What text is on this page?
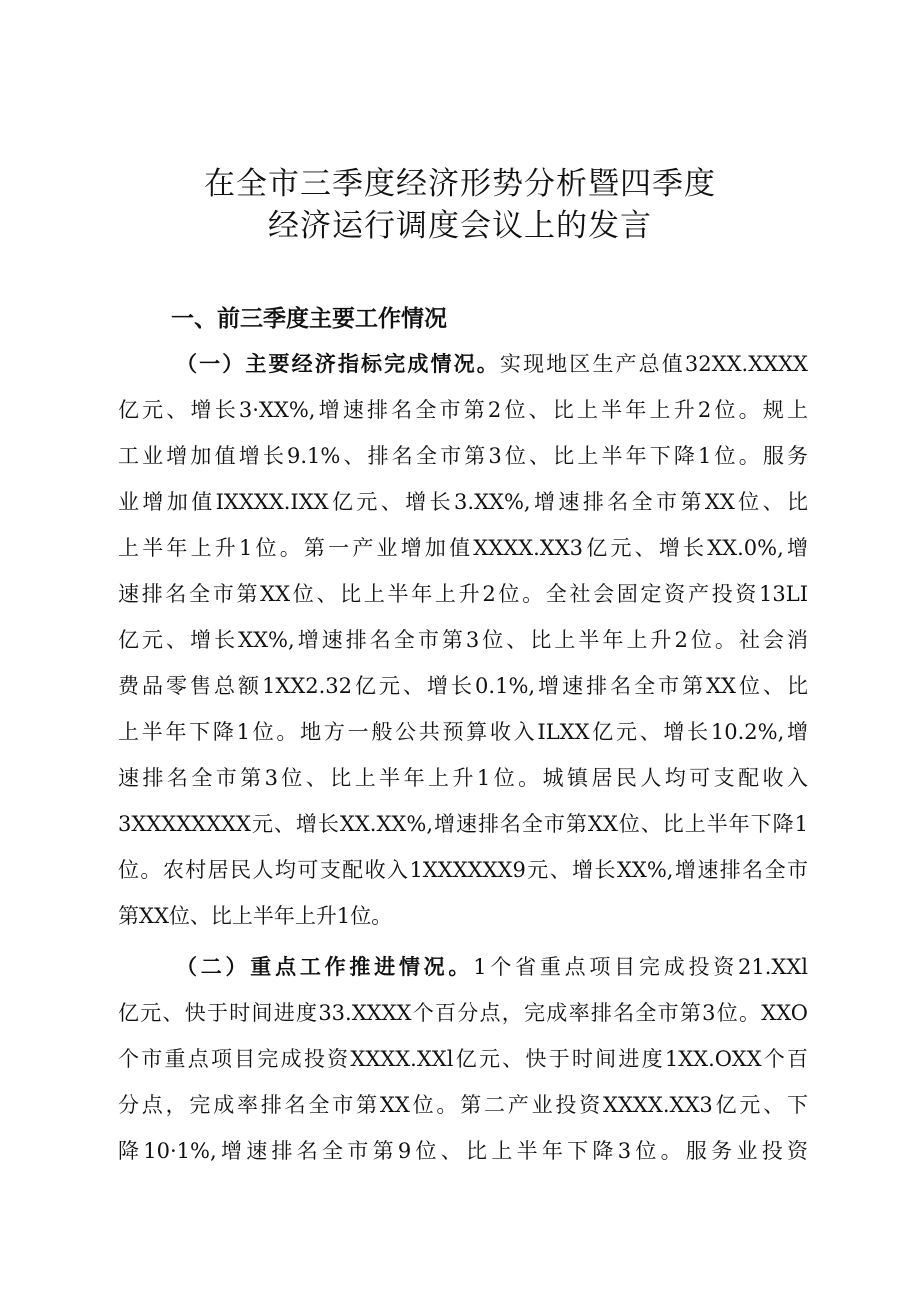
在全市三季度经济形势分析暨四季度
经济运行调度会议上的发言
一、前三季度主要工作情况
（一）主要经济指标完成情况。实现地区生产总值32XX.XXXX
亿元、增长3·XX%,增速排名全市第2位、比上半年上升2位。规上
工业增加值增长9.1%、排名全市第3位、比上半年下降1位。服务
业增加值IXXXX.IXX亿元、增长3.XX%,增速排名全市第XX位、比
上半年上升1位。第一产业增加值XXXX.XX3亿元、增长XX.0%,增
速排名全市第XX位、比上半年上升2位。全社会固定资产投资13LI
亿元、增长XX%,增速排名全市第3位、比上半年上升2位。社会消
费品零售总额1XX2.32亿元、增长0.1%,增速排名全市第XX位、比
上半年下降1位。地方一般公共预算收入ILXX亿元、增长10.2%,增
速排名全市第3位、比上半年上升1位。城镇居民人均可支配收入
3XXXXXXXX元、增长XX.XX%,增速排名全市第XX位、比上半年下降1
位。农村居民人均可支配收入1XXXXXX9元、增长XX%,增速排名全市
第XX位、比上半年上升1位。
（二）重点工作推进情况。1个省重点项目完成投资21.XXl
亿元、快于时间进度33.XXXX个百分点，完成率排名全市第3位。XXO
个市重点项目完成投资XXXX.XXl亿元、快于时间进度1XX.OXX个百
分点，完成率排名全市第XX位。第二产业投资XXXX.XX3亿元、下
降10·1%,增速排名全市第9位、比上半年下降3位。服务业投资
